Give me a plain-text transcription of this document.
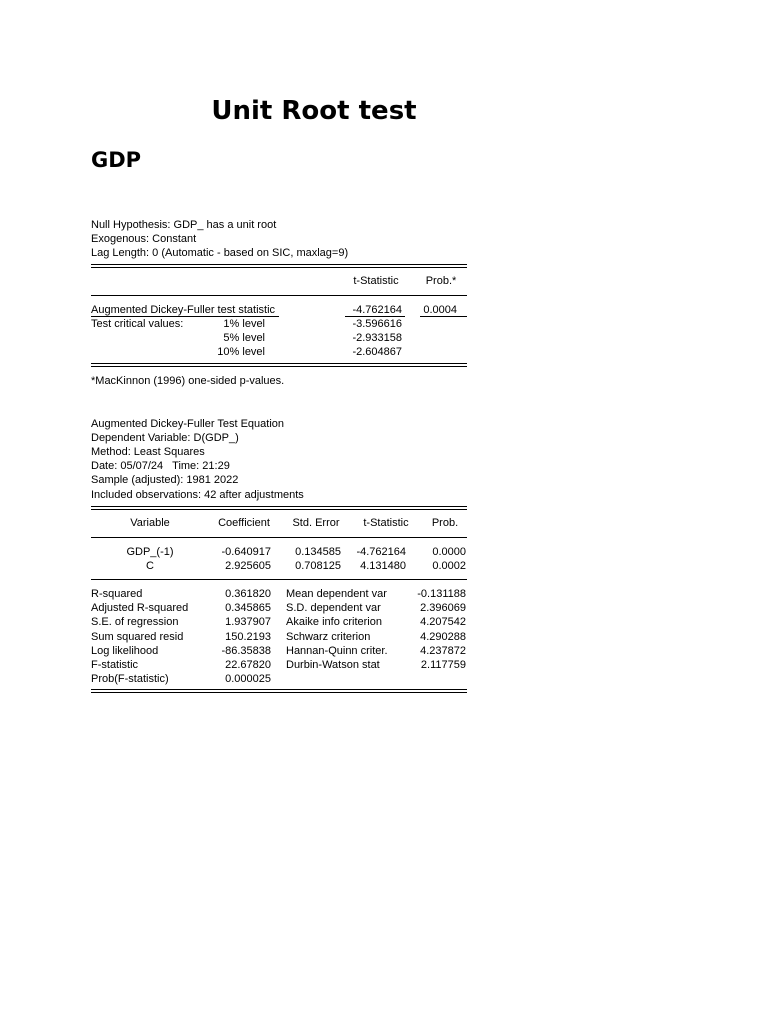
Unit Root test
GDP
Null Hypothesis: GDP_ has a unit root
Exogenous: Constant
Lag Length: 0 (Automatic - based on SIC, maxlag=9)
t-Statistic	Prob.*
Augmented Dickey-Fuller test statistic	-4.762164	0.0004
Test critical values:	1% level	-3.596616
5% level	-2.933158
10% level	-2.604867
*MacKinnon (1996) one-sided p-values.
Augmented Dickey-Fuller Test Equation
Dependent Variable: D(GDP_)
Method: Least Squares
Date: 05/07/24   Time: 21:29
Sample (adjusted): 1981 2022
Included observations: 42 after adjustments
Variable	Coefficient	Std. Error	t-Statistic	Prob.
GDP_(-1)	-0.640917	0.134585	-4.762164	0.0000
C	2.925605	0.708125	4.131480	0.0002
R-squared	0.361820 Mean dependent var	-0.131188
Adjusted R-squared	0.345865 S.D. dependent var	2.396069
S.E. of regression	1.937907 Akaike info criterion	4.207542
Sum squared resid	150.2193 Schwarz criterion	4.290288
Log likelihood	-86.35838 Hannan-Quinn criter.	4.237872
F-statistic	22.67820 Durbin-Watson stat	2.117759
Prob(F-statistic)	0.000025
